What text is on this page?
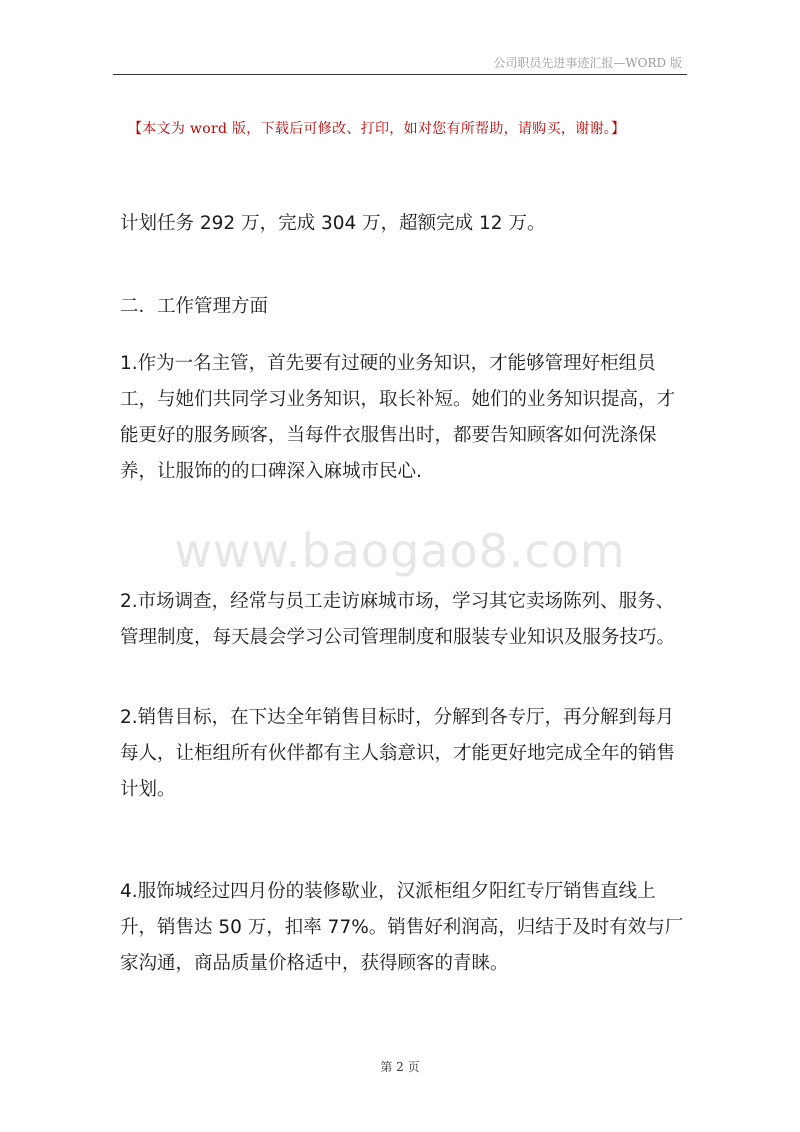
公司职员先进事迹汇报—WORD 版
【本文为 word 版，下载后可修改、打印，如对您有所帮助，请购买，谢谢。】
www.baogao8.com
计划任务 292 万，完成 304 万，超额完成 12 万。
二．工作管理方面
1.作为一名主管，首先要有过硬的业务知识，才能够管理好柜组员工，与她们共同学习业务知识，取长补短。她们的业务知识提高，才能更好的服务顾客，当每件衣服售出时，都要告知顾客如何洗涤保养，让服饰的的口碑深入麻城市民心.
2.市场调查，经常与员工走访麻城市场，学习其它卖场陈列、服务、管理制度，每天晨会学习公司管理制度和服装专业知识及服务技巧。
2.销售目标，在下达全年销售目标时，分解到各专厅，再分解到每月每人，让柜组所有伙伴都有主人翁意识，才能更好地完成全年的销售计划。
4.服饰城经过四月份的装修歇业，汉派柜组夕阳红专厅销售直线上升，销售达 50 万，扣率 77%。销售好利润高，归结于及时有效与厂家沟通，商品质量价格适中，获得顾客的青睐。
第 2 页
